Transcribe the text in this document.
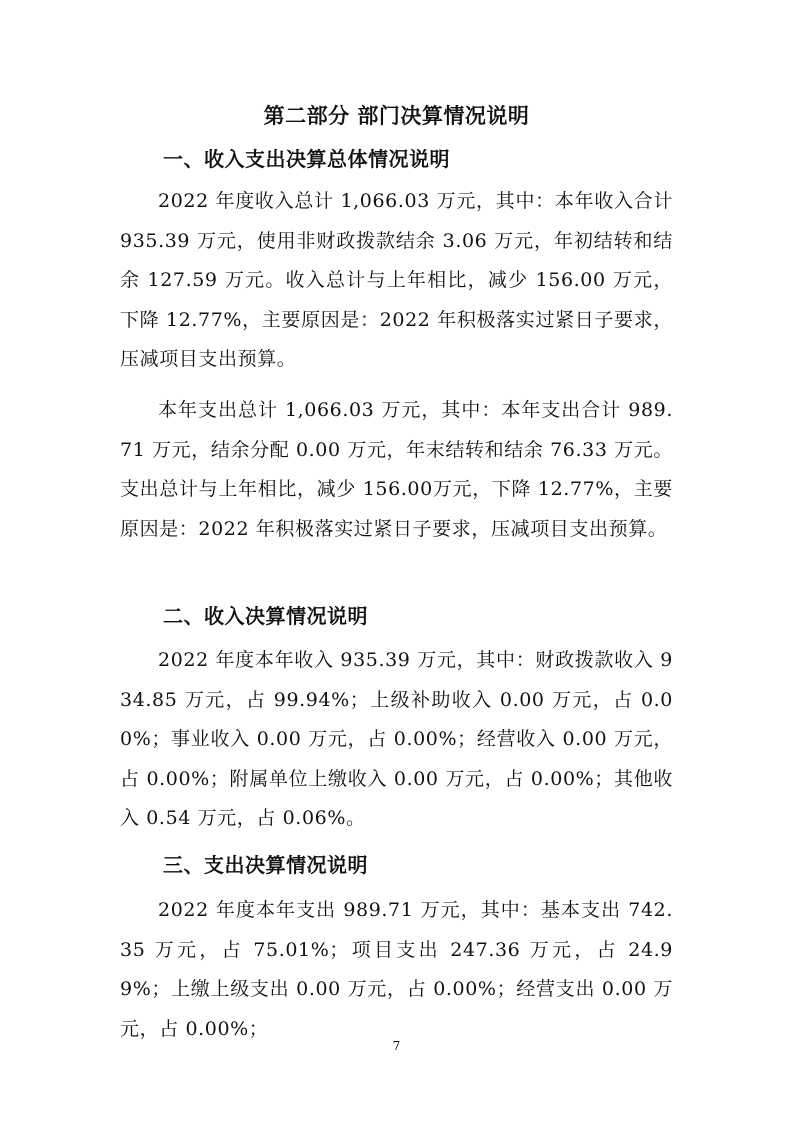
第二部分 部门决算情况说明
一、收入支出决算总体情况说明

2022 年度收入总计 1,066.03 万元，其中：本年收入合计 935.39 万元，使用非财政拨款结余 3.06 万元，年初结转和结余 127.59 万元。收入总计与上年相比，减少 156.00 万元，下降 12.77%，主要原因是：2022 年积极落实过紧日子要求，压减项目支出预算。

本年支出总计 1,066.03 万元，其中：本年支出合计 989.71 万元，结余分配 0.00 万元，年末结转和结余 76.33 万元。支出总计与上年相比，减少 156.00万元，下降 12.77%，主要原因是：2022 年积极落实过紧日子要求，压减项目支出预算。

二、收入决算情况说明

2022 年度本年收入 935.39 万元，其中：财政拨款收入 934.85 万元，占 99.94%；上级补助收入 0.00 万元，占 0.00%；事业收入 0.00 万元，占 0.00%；经营收入 0.00 万元，占 0.00%；附属单位上缴收入 0.00 万元，占 0.00%；其他收入 0.54 万元，占 0.06%。

三、支出决算情况说明

2022 年度本年支出 989.71 万元，其中：基本支出 742.35 万元，占 75.01%；项目支出 247.36 万元，占 24.99%；上缴上级支出 0.00 万元，占 0.00%；经营支出 0.00 万元，占 0.00%；

7
